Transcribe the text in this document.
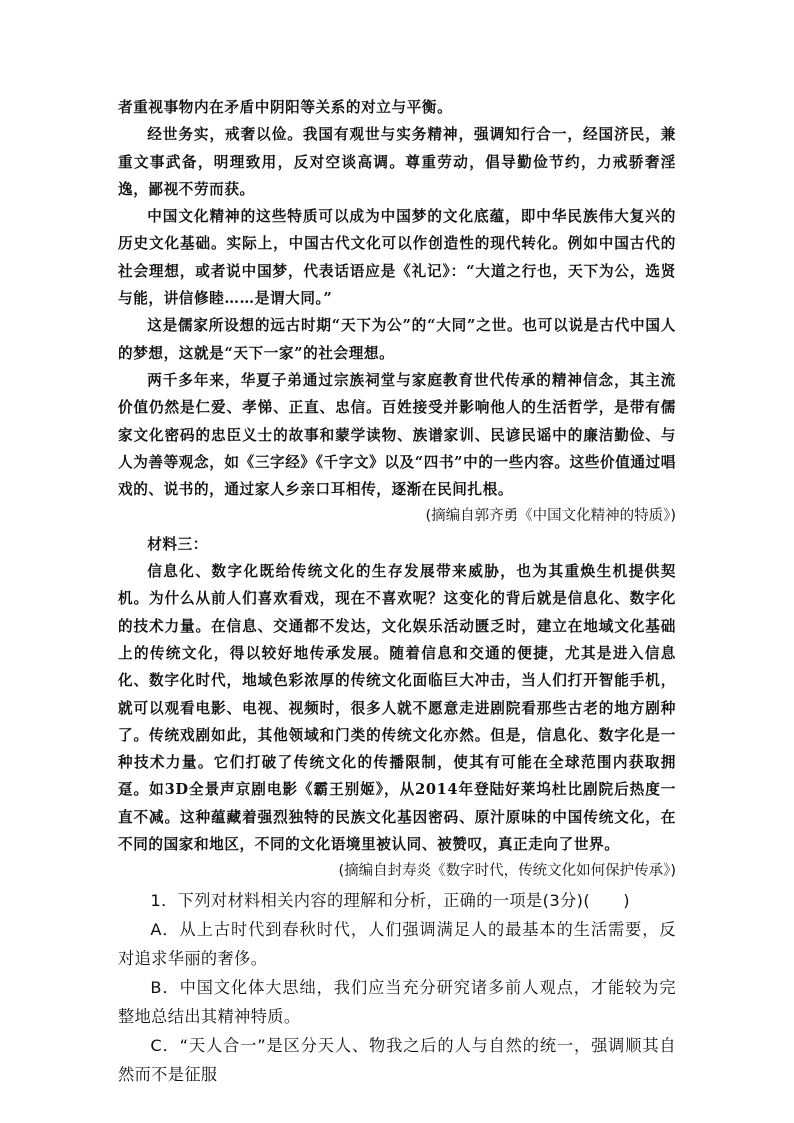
者重视事物内在矛盾中阴阳等关系的对立与平衡。

经世务实，戒奢以俭。我国有观世与实务精神，强调知行合一，经国济民，兼重文事武备，明理致用，反对空谈高调。尊重劳动，倡导勤俭节约，力戒骄奢淫逸，鄙视不劳而获。

中国文化精神的这些特质可以成为中国梦的文化底蕴，即中华民族伟大复兴的历史文化基础。实际上，中国古代文化可以作创造性的现代转化。例如中国古代的社会理想，或者说中国梦，代表话语应是《礼记》：“大道之行也，天下为公，选贤与能，讲信修睦……是谓大同。”

这是儒家所设想的远古时期“天下为公”的“大同”之世。也可以说是古代中国人的梦想，这就是“天下一家”的社会理想。

两千多年来，华夏子弟通过宗族祠堂与家庭教育世代传承的精神信念，其主流价值仍然是仁爱、孝悌、正直、忠信。百姓接受并影响他人的生活哲学，是带有儒家文化密码的忠臣义士的故事和蒙学读物、族谱家训、民谚民谣中的廉洁勤俭、与人为善等观念，如《三字经》《千字文》以及“四书”中的一些内容。这些价值通过唱戏的、说书的，通过家人乡亲口耳相传，逐渐在民间扎根。

(摘编自郭齐勇《中国文化精神的特质》)

材料三：

信息化、数字化既给传统文化的生存发展带来威胁，也为其重焕生机提供契机。为什么从前人们喜欢看戏，现在不喜欢呢？这变化的背后就是信息化、数字化的技术力量。在信息、交通都不发达，文化娱乐活动匮乏时，建立在地域文化基础上的传统文化，得以较好地传承发展。随着信息和交通的便捷，尤其是进入信息化、数字化时代，地域色彩浓厚的传统文化面临巨大冲击，当人们打开智能手机，就可以观看电影、电视、视频时，很多人就不愿意走进剧院看那些古老的地方剧种了。传统戏剧如此，其他领域和门类的传统文化亦然。但是，信息化、数字化是一种技术力量。它们打破了传统文化的传播限制，使其有可能在全球范围内获取拥趸。如3D全景声京剧电影《霸王别姬》，从2014年登陆好莱坞杜比剧院后热度一直不减。这种蕴藏着强烈独特的民族文化基因密码、原汁原味的中国传统文化，在不同的国家和地区，不同的文化语境里被认同、被赞叹，真正走向了世界。

(摘编自封寿炎《数字时代，传统文化如何保护传承》)

1．下列对材料相关内容的理解和分析，正确的一项是(3分)(　　)

A．从上古时代到春秋时代，人们强调满足人的最基本的生活需要，反对追求华丽的奢侈。

B．中国文化体大思绌，我们应当充分研究诸多前人观点，才能较为完整地总结出其精神特质。

C．“天人合一”是区分天人、物我之后的人与自然的统一，强调顺其自然而不是征服
